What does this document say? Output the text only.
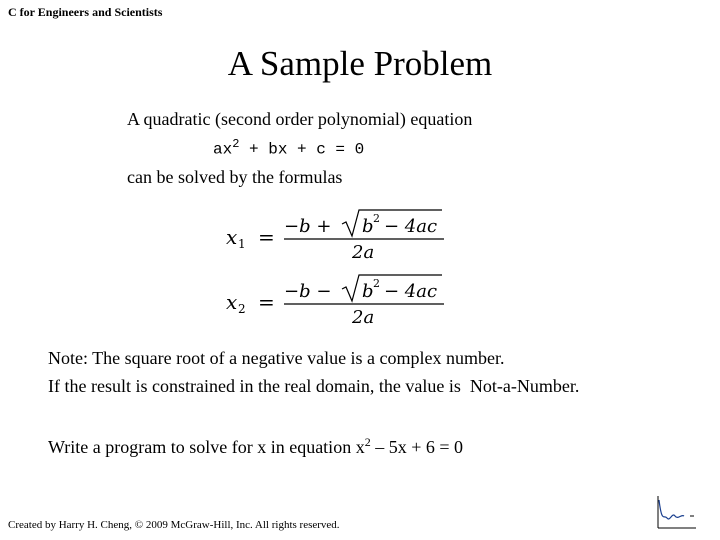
C for Engineers and Scientists
A Sample Problem
A quadratic (second order polynomial) equation
$ax^2$ + bx + c = 0
can be solved by the formulas
x 1 = −b + b 2 − 4ac
2a
x 2 = −b − b 2 − 4ac
2a
Note: The square root of a negative value is a complex number.
If the result is constrained in the real domain, the value is  Not-a-Number.
Write a program to solve for x in equation $x^2 - 5x + 6 = 0$
Created by Harry H. Cheng, © 2009 McGraw-Hill, Inc. All rights reserved.
